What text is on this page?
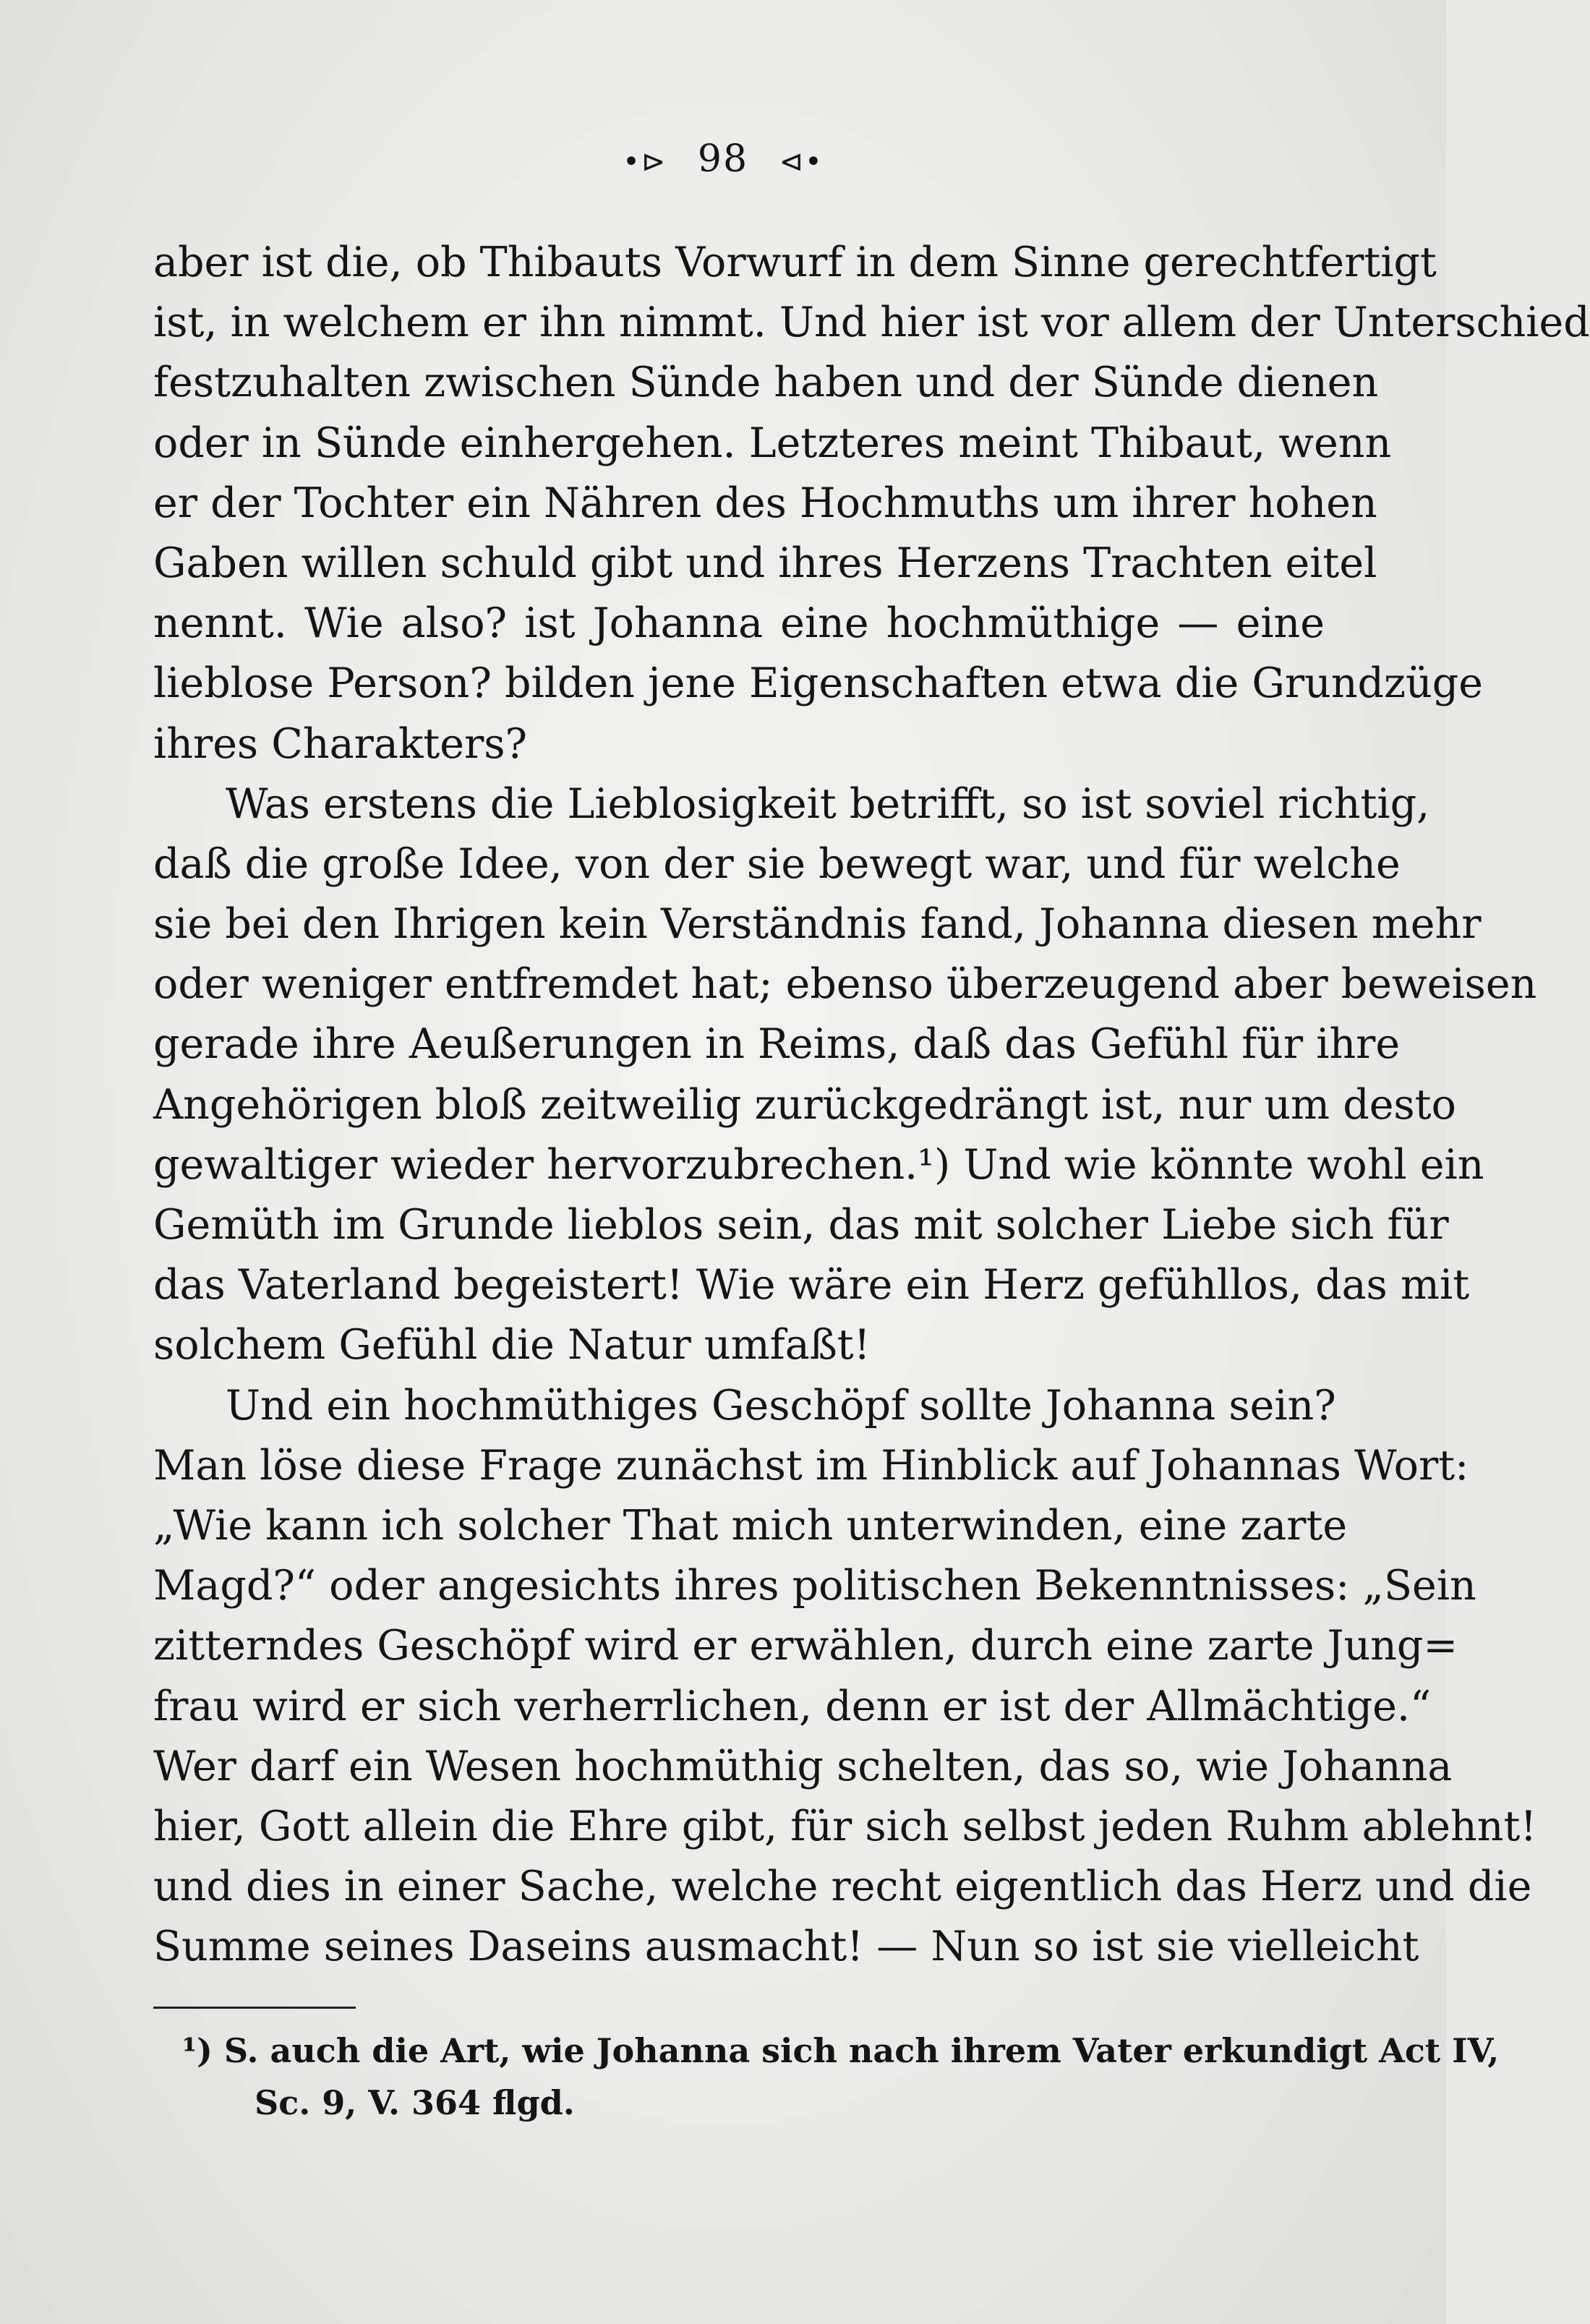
•⊳ 98 ⊲•
aber ist die, ob Thibauts Vorwurf in dem Sinne gerechtfertigt
ist, in welchem er ihn nimmt. Und hier ist vor allem der Unterschied
festzuhalten zwischen Sünde haben und der Sünde dienen
oder in Sünde einhergehen. Letzteres meint Thibaut, wenn
er der Tochter ein Nähren des Hochmuths um ihrer hohen
Gaben willen schuld gibt und ihres Herzens Trachten eitel
nennt. Wie also? ist Johanna eine hochmüthige — eine
lieblose Person? bilden jene Eigenschaften etwa die Grundzüge
ihres Charakters?
Was erstens die Lieblosigkeit betrifft, so ist soviel richtig,
daß die große Idee, von der sie bewegt war, und für welche
sie bei den Ihrigen kein Verständnis fand, Johanna diesen mehr
oder weniger entfremdet hat; ebenso überzeugend aber beweisen
gerade ihre Aeußerungen in Reims, daß das Gefühl für ihre
Angehörigen bloß zeitweilig zurückgedrängt ist, nur um desto
gewaltiger wieder hervorzubrechen.¹) Und wie könnte wohl ein
Gemüth im Grunde lieblos sein, das mit solcher Liebe sich für
das Vaterland begeistert! Wie wäre ein Herz gefühllos, das mit
solchem Gefühl die Natur umfaßt!
Und ein hochmüthiges Geschöpf sollte Johanna sein?
Man löse diese Frage zunächst im Hinblick auf Johannas Wort:
„Wie kann ich solcher That mich unterwinden, eine zarte
Magd?“ oder angesichts ihres politischen Bekenntnisses: „Sein
zitterndes Geschöpf wird er erwählen, durch eine zarte Jung=
frau wird er sich verherrlichen, denn er ist der Allmächtige.“
Wer darf ein Wesen hochmüthig schelten, das so, wie Johanna
hier, Gott allein die Ehre gibt, für sich selbst jeden Ruhm ablehnt!
und dies in einer Sache, welche recht eigentlich das Herz und die
Summe seines Daseins ausmacht! — Nun so ist sie vielleicht
¹) S. auch die Art, wie Johanna sich nach ihrem Vater erkundigt Act IV,
Sc. 9, V. 364 flgd.
